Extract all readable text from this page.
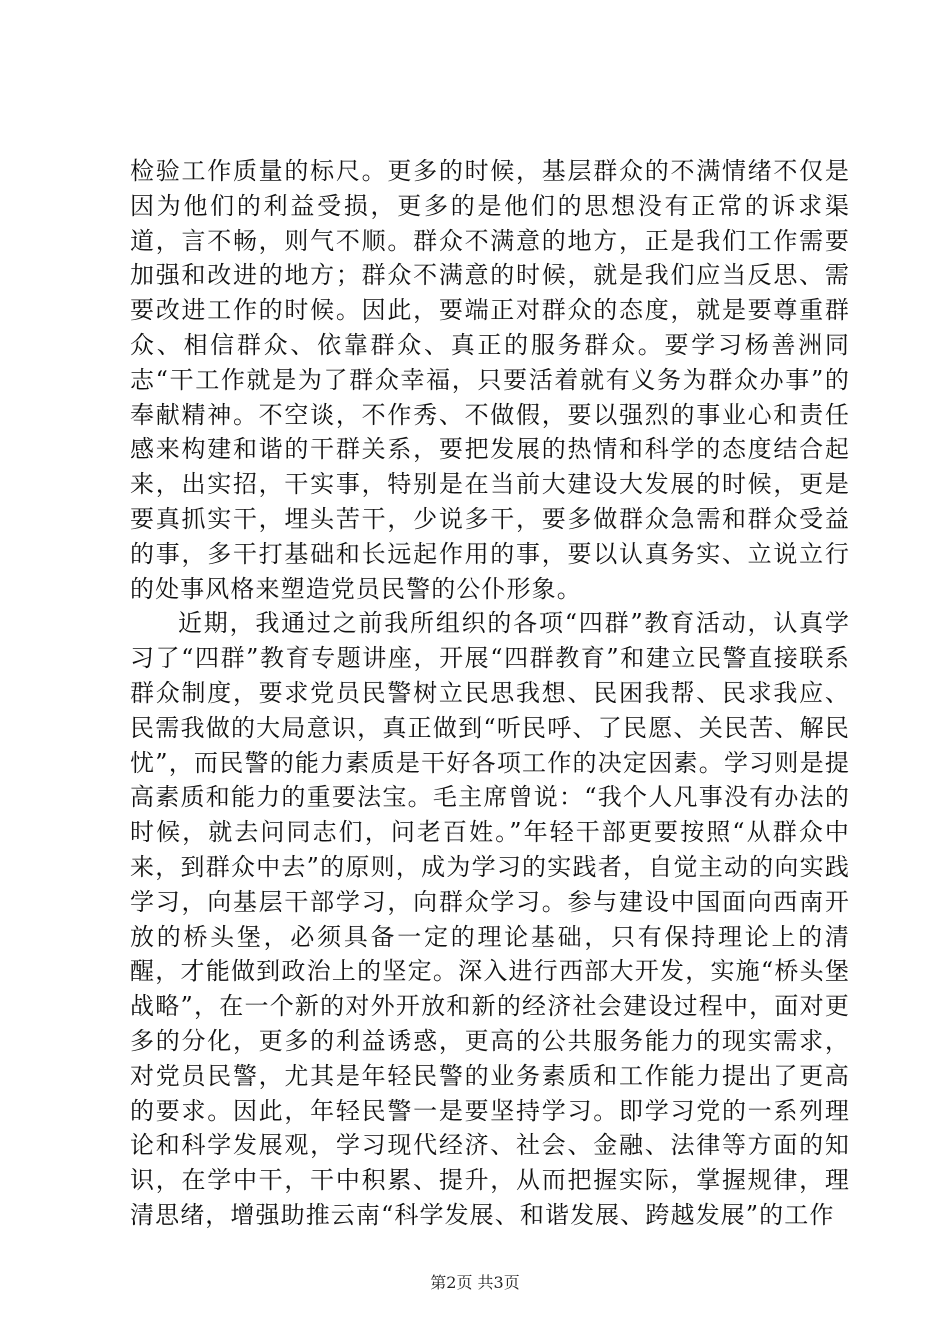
检验工作质量的标尺。更多的时候，基层群众的不满情绪不仅是因为他们的利益受损，更多的是他们的思想没有正常的诉求渠道，言不畅，则气不顺。群众不满意的地方，正是我们工作需要加强和改进的地方；群众不满意的时候，就是我们应当反思、需要改进工作的时候。因此，要端正对群众的态度，就是要尊重群众、相信群众、依靠群众、真正的服务群众。要学习杨善洲同志“干工作就是为了群众幸福，只要活着就有义务为群众办事”的奉献精神。不空谈，不作秀、不做假，要以强烈的事业心和责任感来构建和谐的干群关系，要把发展的热情和科学的态度结合起来，出实招，干实事，特别是在当前大建设大发展的时候，更是要真抓实干，埋头苦干，少说多干，要多做群众急需和群众受益的事，多干打基础和长远起作用的事，要以认真务实、立说立行的处事风格来塑造党员民警的公仆形象。

近期，我通过之前我所组织的各项“四群”教育活动，认真学习了“四群”教育专题讲座，开展“四群教育”和建立民警直接联系群众制度，要求党员民警树立民思我想、民困我帮、民求我应、民需我做的大局意识，真正做到“听民呼、了民愿、关民苦、解民忧”，而民警的能力素质是干好各项工作的决定因素。学习则是提高素质和能力的重要法宝。毛主席曾说：“我个人凡事没有办法的时候，就去问同志们，问老百姓。”年轻干部更要按照“从群众中来，到群众中去”的原则，成为学习的实践者，自觉主动的向实践学习，向基层干部学习，向群众学习。参与建设中国面向西南开放的桥头堡，必须具备一定的理论基础，只有保持理论上的清醒，才能做到政治上的坚定。深入进行西部大开发，实施“桥头堡战略”，在一个新的对外开放和新的经济社会建设过程中，面对更多的分化，更多的利益诱惑，更高的公共服务能力的现实需求，对党员民警，尤其是年轻民警的业务素质和工作能力提出了更高的要求。因此，年轻民警一是要坚持学习。即学习党的一系列理论和科学发展观，学习现代经济、社会、金融、法律等方面的知识，在学中干，干中积累、提升，从而把握实际，掌握规律，理清思绪，增强助推云南“科学发展、和谐发展、跨越发展”的工作

第2页 共3页
